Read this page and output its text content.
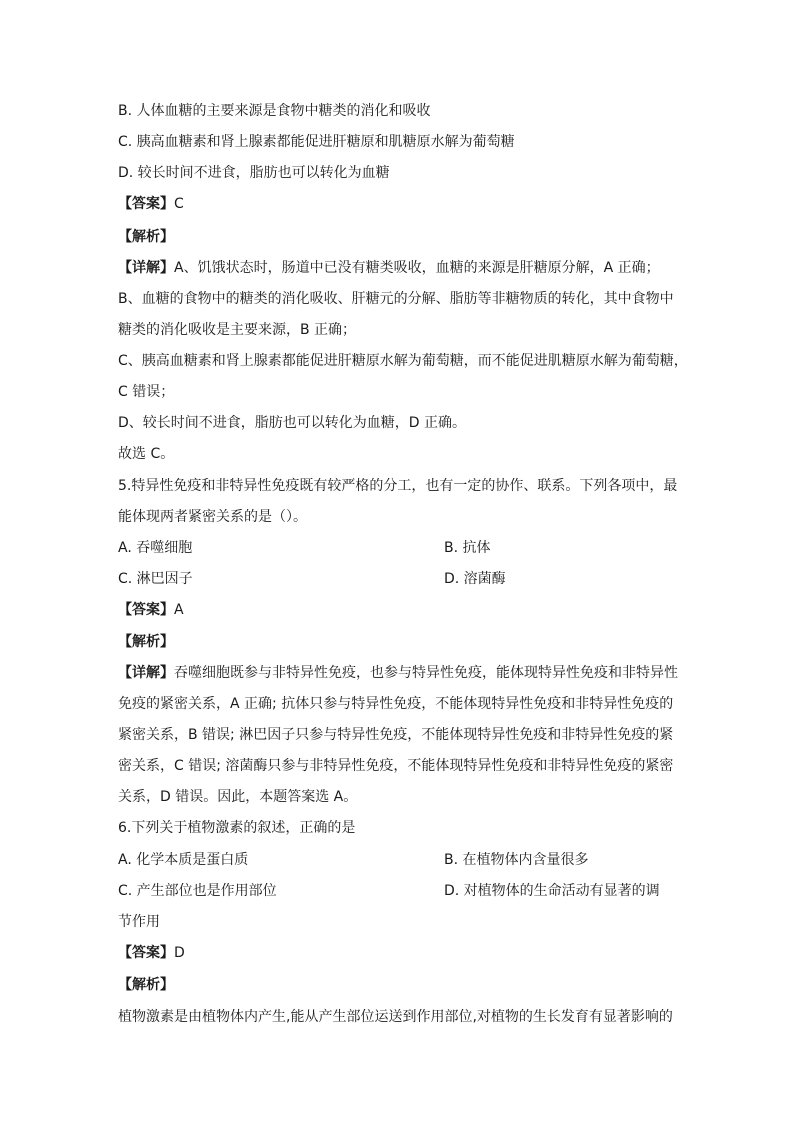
B. 人体血糖的主要来源是食物中糖类的消化和吸收
C. 胰高血糖素和肾上腺素都能促进肝糖原和肌糖原水解为葡萄糖
D. 较长时间不进食，脂肪也可以转化为血糖
【答案】C
【解析】
【详解】A、饥饿状态时，肠道中已没有糖类吸收，血糖的来源是肝糖原分解，A 正确；
B、血糖的食物中的糖类的消化吸收、肝糖元的分解、脂肪等非糖物质的转化，其中食物中
糖类的消化吸收是主要来源，B 正确；
C、胰高血糖素和肾上腺素都能促进肝糖原水解为葡萄糖，而不能促进肌糖原水解为葡萄糖，
C 错误；
D、较长时间不进食，脂肪也可以转化为血糖，D 正确。
故选 C。
5.特异性免疫和非特异性免疫既有较严格的分工，也有一定的协作、联系。下列各项中，最
能体现两者紧密关系的是（）。
A. 吞噬细胞	B. 抗体
C. 淋巴因子	D. 溶菌酶
【答案】A
【解析】
【详解】吞噬细胞既参与非特异性免疫，也参与特异性免疫，能体现特异性免疫和非特异性
免疫的紧密关系，A 正确; 抗体只参与特异性免疫，不能体现特异性免疫和非特异性免疫的
紧密关系，B 错误; 淋巴因子只参与特异性免疫，不能体现特异性免疫和非特异性免疫的紧
密关系，C 错误; 溶菌酶只参与非特异性免疫，不能体现特异性免疫和非特异性免疫的紧密
关系，D 错误。因此，本题答案选 A。
6.下列关于植物激素的叙述，正确的是
A. 化学本质是蛋白质	B. 在植物体内含量很多
C. 产生部位也是作用部位	D. 对植物体的生命活动有显著的调
节作用
【答案】D
【解析】
植物激素是由植物体内产生,能从产生部位运送到作用部位,对植物的生长发育有显著影响的
